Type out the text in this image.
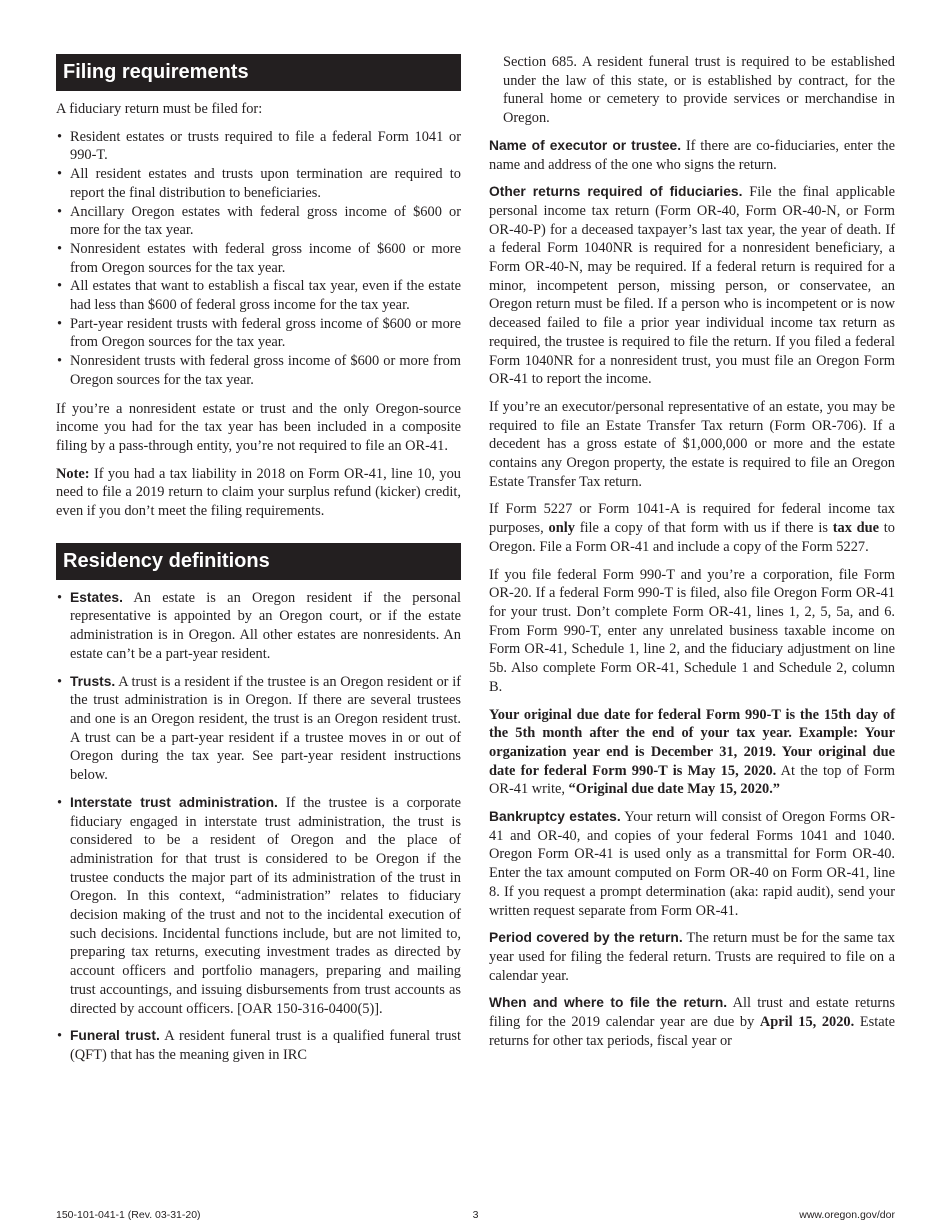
Filing requirements

A fiduciary return must be filed for:

• Resident estates or trusts required to file a federal Form 1041 or 990-T.
• All resident estates and trusts upon termination are required to report the final distribution to beneficiaries.
• Ancillary Oregon estates with federal gross income of $600 or more for the tax year.
• Nonresident estates with federal gross income of $600 or more from Oregon sources for the tax year.
• All estates that want to establish a fiscal tax year, even if the estate had less than $600 of federal gross income for the tax year.
• Part-year resident trusts with federal gross income of $600 or more from Oregon sources for the tax year.
• Nonresident trusts with federal gross income of $600 or more from Oregon sources for the tax year.

If you’re a nonresident estate or trust and the only Oregon-source income you had for the tax year has been included in a composite filing by a pass-through entity, you’re not required to file an OR-41.

Note: If you had a tax liability in 2018 on Form OR-41, line 10, you need to file a 2019 return to claim your surplus refund (kicker) credit, even if you don’t meet the filing requirements.

Residency definitions
• Estates. An estate is an Oregon resident if the personal representative is appointed by an Oregon court, or if the estate administration is in Oregon. All other estates are nonresidents. An estate can’t be a part-year resident.
• Trusts. A trust is a resident if the trustee is an Oregon resident or if the trust administration is in Oregon. If there are several trustees and one is an Oregon resident, the trust is an Oregon resident trust. A trust can be a part-year resident if a trustee moves in or out of Oregon during the tax year. See part-year resident instructions below.
• Interstate trust administration. If the trustee is a corporate fiduciary engaged in interstate trust administration, the trust is considered to be a resident of Oregon and the place of administration for that trust is considered to be Oregon if the trustee conducts the major part of its administration of the trust in Oregon. In this context, “administration” relates to fiduciary decision making of the trust and not to the incidental execution of such decisions. Incidental functions include, but are not limited to, preparing tax returns, executing investment trades as directed by account officers and portfolio managers, preparing and mailing trust accountings, and issuing disbursements from trust accounts as directed by account officers. [OAR 150-316-0400(5)].
• Funeral trust. A resident funeral trust is a qualified funeral trust (QFT) that has the meaning given in IRC

Section 685. A resident funeral trust is required to be established under the law of this state, or is established by contract, for the funeral home or cemetery to provide services or merchandise in Oregon.

Name of executor or trustee. If there are co-fiduciaries, enter the name and address of the one who signs the return.

Other returns required of fiduciaries. File the final applicable personal income tax return (Form OR-40, Form OR-40-N, or Form OR-40-P) for a deceased taxpayer’s last tax year, the year of death. If a federal Form 1040NR is required for a nonresident beneficiary, a Form OR-40-N, may be required. If a federal return is required for a minor, incompetent person, missing person, or conservatee, an Oregon return must be filed. If a person who is incompetent or is now deceased failed to file a prior year individual income tax return as required, the trustee is required to file the return. If you filed a federal Form 1040NR for a nonresident trust, you must file an Oregon Form OR-41 to report the income.

If you’re an executor/personal representative of an estate, you may be required to file an Estate Transfer Tax return (Form OR-706). If a decedent has a gross estate of $1,000,000 or more and the estate contains any Oregon property, the estate is required to file an Oregon Estate Transfer Tax return.

If Form 5227 or Form 1041-A is required for federal income tax purposes, only file a copy of that form with us if there is tax due to Oregon. File a Form OR-41 and include a copy of the Form 5227.

If you file federal Form 990-T and you’re a corporation, file Form OR-20. If a federal Form 990-T is filed, also file Oregon Form OR-41 for your trust. Don’t complete Form OR-41, lines 1, 2, 5, 5a, and 6. From Form 990-T, enter any unrelated business taxable income on Form OR-41, Schedule 1, line 2, and the fiduciary adjustment on line 5b. Also complete Form OR-41, Schedule 1 and Schedule 2, column B.

Your original due date for federal Form 990-T is the 15th day of the 5th month after the end of your tax year. Example: Your organization year end is December 31, 2019. Your original due date for federal Form 990-T is May 15, 2020. At the top of Form OR-41 write, “Original due date May 15, 2020.”

Bankruptcy estates. Your return will consist of Oregon Forms OR-41 and OR-40, and copies of your federal Forms 1041 and 1040. Oregon Form OR-41 is used only as a transmittal for Form OR-40. Enter the tax amount computed on Form OR-40 on Form OR-41, line 8. If you request a prompt determination (aka: rapid audit), send your written request separate from Form OR-41.

Period covered by the return. The return must be for the same tax year used for filing the federal return. Trusts are required to file on a calendar year.

When and where to file the return. All trust and estate returns filing for the 2019 calendar year are due by April 15, 2020. Estate returns for other tax periods, fiscal year or

150-101-041-1 (Rev. 03-31-20)	3	www.oregon.gov/dor
